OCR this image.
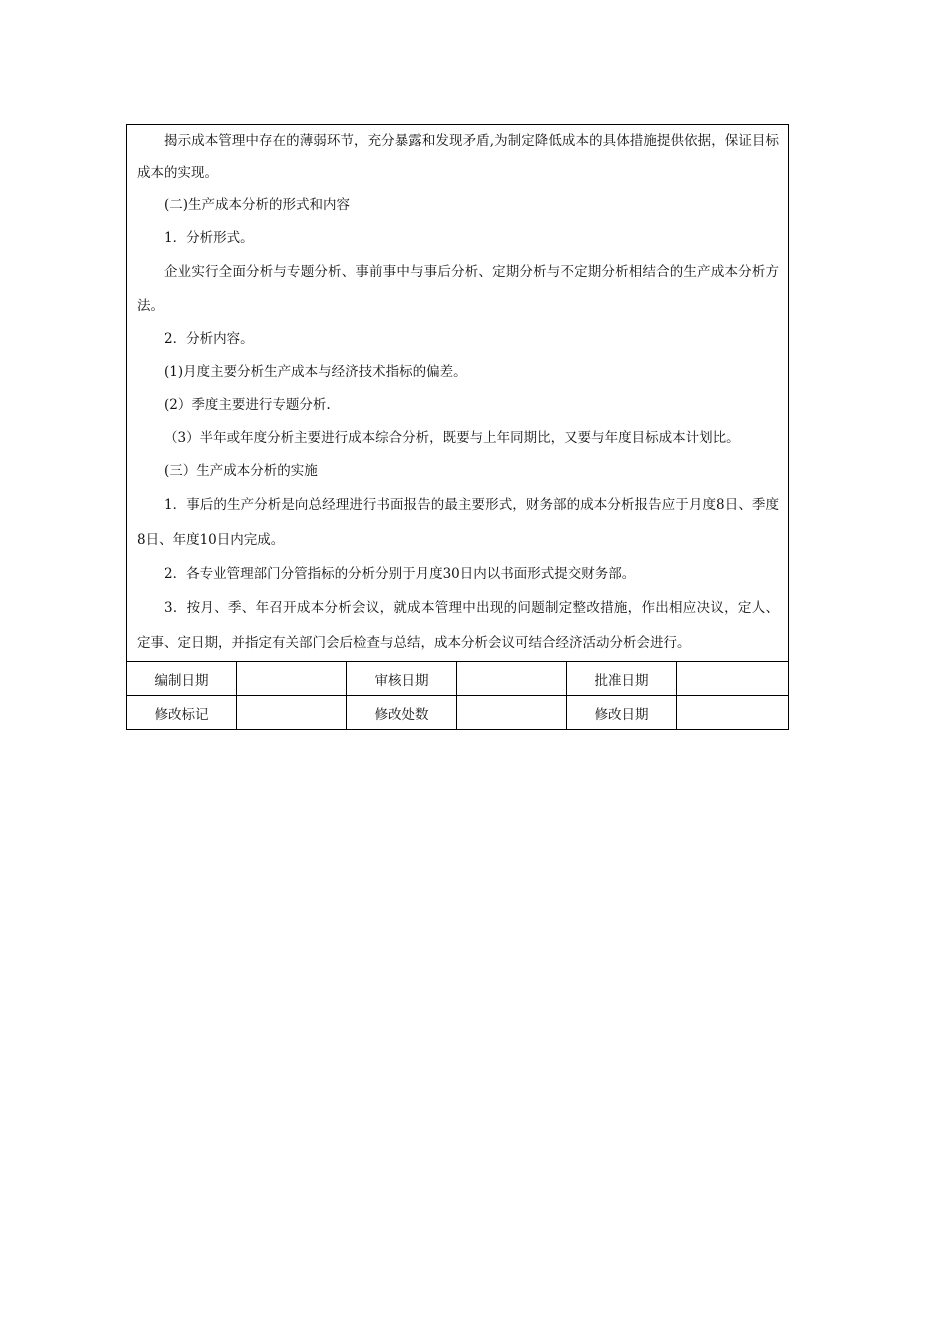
揭示成本管理中存在的薄弱环节，充分暴露和发现矛盾,为制定降低成本的具体措施提供依据，保证目标成本的实现。

(二)生产成本分析的形式和内容

1．分析形式。

企业实行全面分析与专题分析、事前事中与事后分析、定期分析与不定期分析相结合的生产成本分析方法。

2．分析内容。

(1)月度主要分析生产成本与经济技术指标的偏差。

(2）季度主要进行专题分析.

（3）半年或年度分析主要进行成本综合分析，既要与上年同期比，又要与年度目标成本计划比。

(三）生产成本分析的实施

1．事后的生产分析是向总经理进行书面报告的最主要形式，财务部的成本分析报告应于月度8日、季度8日、年度10日内完成。

2．各专业管理部门分管指标的分析分别于月度30日内以书面形式提交财务部。

3．按月、季、年召开成本分析会议，就成本管理中出现的问题制定整改措施，作出相应决议，定人、定事、定日期，并指定有关部门会后检查与总结，成本分析会议可结合经济活动分析会进行。

编制日期		审核日期		批准日期	
修改标记		修改处数		修改日期	
